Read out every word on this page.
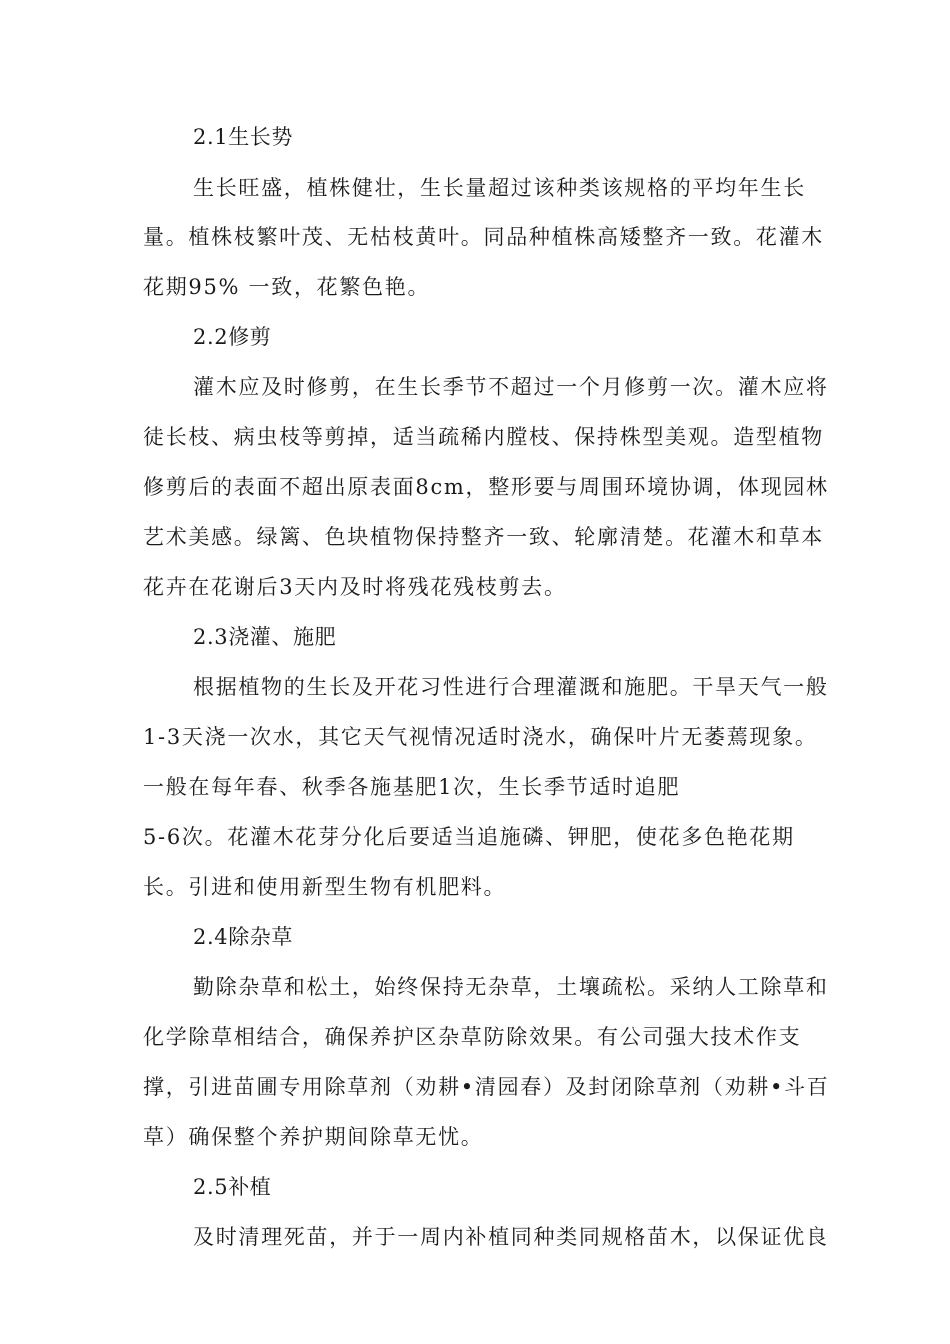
2.1生长势
生长旺盛，植株健壮，生长量超过该种类该规格的平均年生长
量。植株枝繁叶茂、无枯枝黄叶。同品种植株高矮整齐一致。花灌木
花期95% 一致，花繁色艳。
2.2修剪
灌木应及时修剪，在生长季节不超过一个月修剪一次。灌木应将
徒长枝、病虫枝等剪掉，适当疏稀内膛枝、保持株型美观。造型植物
修剪后的表面不超出原表面8cm，整形要与周围环境协调，体现园林
艺术美感。绿篱、色块植物保持整齐一致、轮廓清楚。花灌木和草本
花卉在花谢后3天内及时将残花残枝剪去。
2.3浇灌、施肥
根据植物的生长及开花习性进行合理灌溉和施肥。干旱天气一般
1-3天浇一次水，其它天气视情况适时浇水，确保叶片无萎蔫现象。
一般在每年春、秋季各施基肥1次，生长季节适时追肥
5-6次。花灌木花芽分化后要适当追施磷、钾肥，使花多色艳花期
长。引进和使用新型生物有机肥料。
2.4除杂草
勤除杂草和松土，始终保持无杂草，土壤疏松。采纳人工除草和
化学除草相结合，确保养护区杂草防除效果。有公司强大技术作支
撑，引进苗圃专用除草剂（劝耕•清园春）及封闭除草剂（劝耕•斗百
草）确保整个养护期间除草无忧。
2.5补植
及时清理死苗，并于一周内补植同种类同规格苗木，以保证优良
